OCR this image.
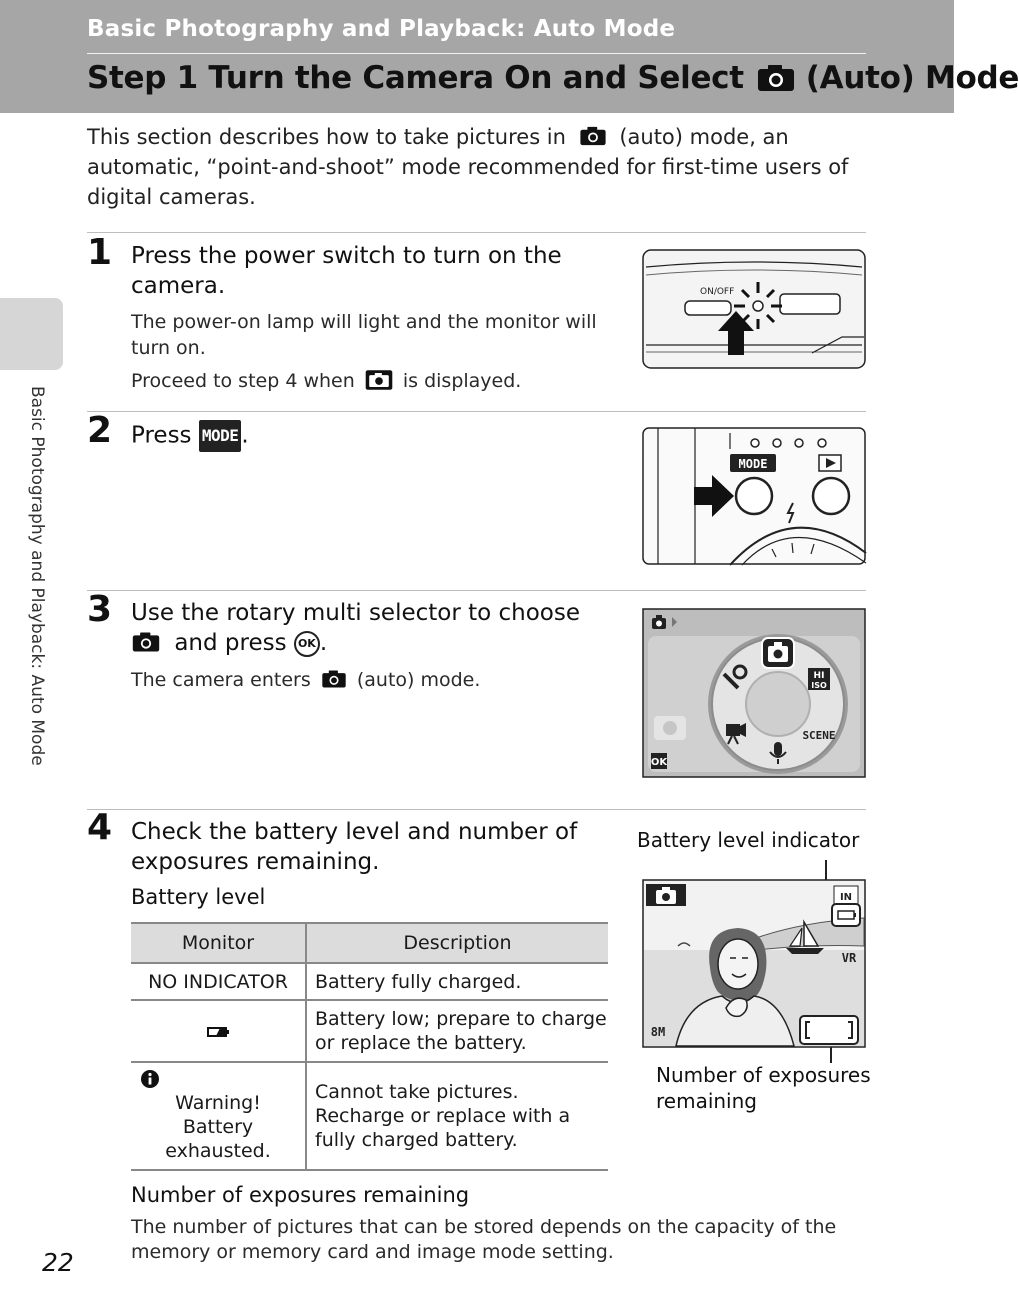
Basic Photography and Playback: Auto Mode
Step 1 Turn the Camera On and Select (Auto) Mode
Basic Photography and Playback: Auto Mode
This section describes how to take pictures in	(auto) mode, an automatic, “point-and-shoot” mode recommended for first-time users of digital cameras.
1 Press the power switch to turn on the camera.
The power-on lamp will light and the monitor will turn on.
Proceed to step 4 when	is displayed.
ON/OFF
2 Press MODE .
MODE
3 Use the rotary multi selector to choose  and press OK .
The camera enters (auto) mode.
OK
HI
ISO
SCENE
4 Check the battery level and number of exposures remaining.
Battery level
Battery level indicator
Number of exposures remaining
IN
VR
8M
Monitor	Description
NO INDICATOR	Battery fully charged.
	Battery low; prepare to charge or replace the battery.

Warning!
Battery
exhausted.	Cannot take pictures. Recharge or replace with a fully charged battery.
Number of exposures remaining
The number of pictures that can be stored depends on the capacity of the memory or memory card and image mode setting.
22
